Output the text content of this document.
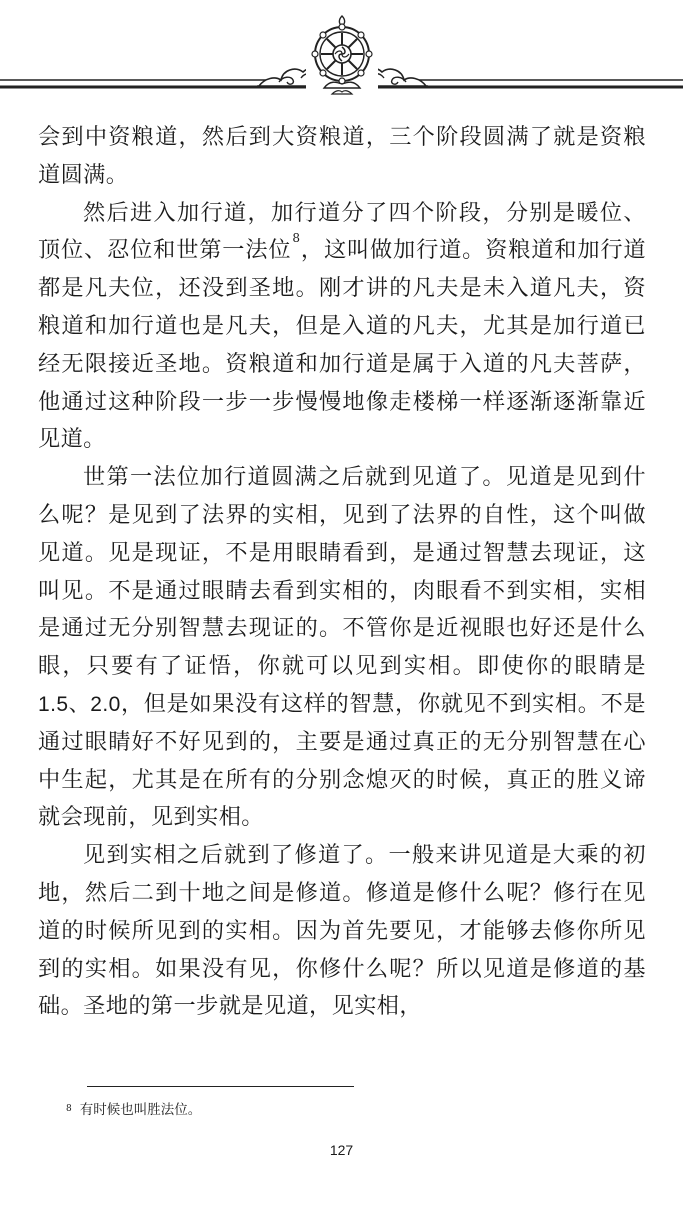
会到中资粮道，然后到大资粮道，三个阶段圆满了就是资粮道圆满。

然后进入加行道，加行道分了四个阶段，分别是暖位、顶位、忍位和世第一法位$^8$，这叫做加行道。资粮道和加行道都是凡夫位，还没到圣地。刚才讲的凡夫是未入道凡夫，资粮道和加行道也是凡夫，但是入道的凡夫，尤其是加行道已经无限接近圣地。资粮道和加行道是属于入道的凡夫菩萨，他通过这种阶段一步一步慢慢地像走楼梯一样逐渐逐渐靠近见道。

世第一法位加行道圆满之后就到见道了。见道是见到什么呢？是见到了法界的实相，见到了法界的自性，这个叫做见道。见是现证，不是用眼睛看到，是通过智慧去现证，这叫见。不是通过眼睛去看到实相的，肉眼看不到实相，实相是通过无分别智慧去现证的。不管你是近视眼也好还是什么眼，只要有了证悟，你就可以见到实相。即使你的眼睛是 1.5、2.0，但是如果没有这样的智慧，你就见不到实相。不是通过眼睛好不好见到的，主要是通过真正的无分别智慧在心中生起，尤其是在所有的分别念熄灭的时候，真正的胜义谛就会现前，见到实相。

见到实相之后就到了修道了。一般来讲见道是大乘的初地，然后二到十地之间是修道。修道是修什么呢？修行在见道的时候所见到的实相。因为首先要见，才能够去修你所见到的实相。如果没有见，你修什么呢？所以见道是修道的基础。圣地的第一步就是见道，见实相，

$^8$ 有时候也叫胜法位。
127
